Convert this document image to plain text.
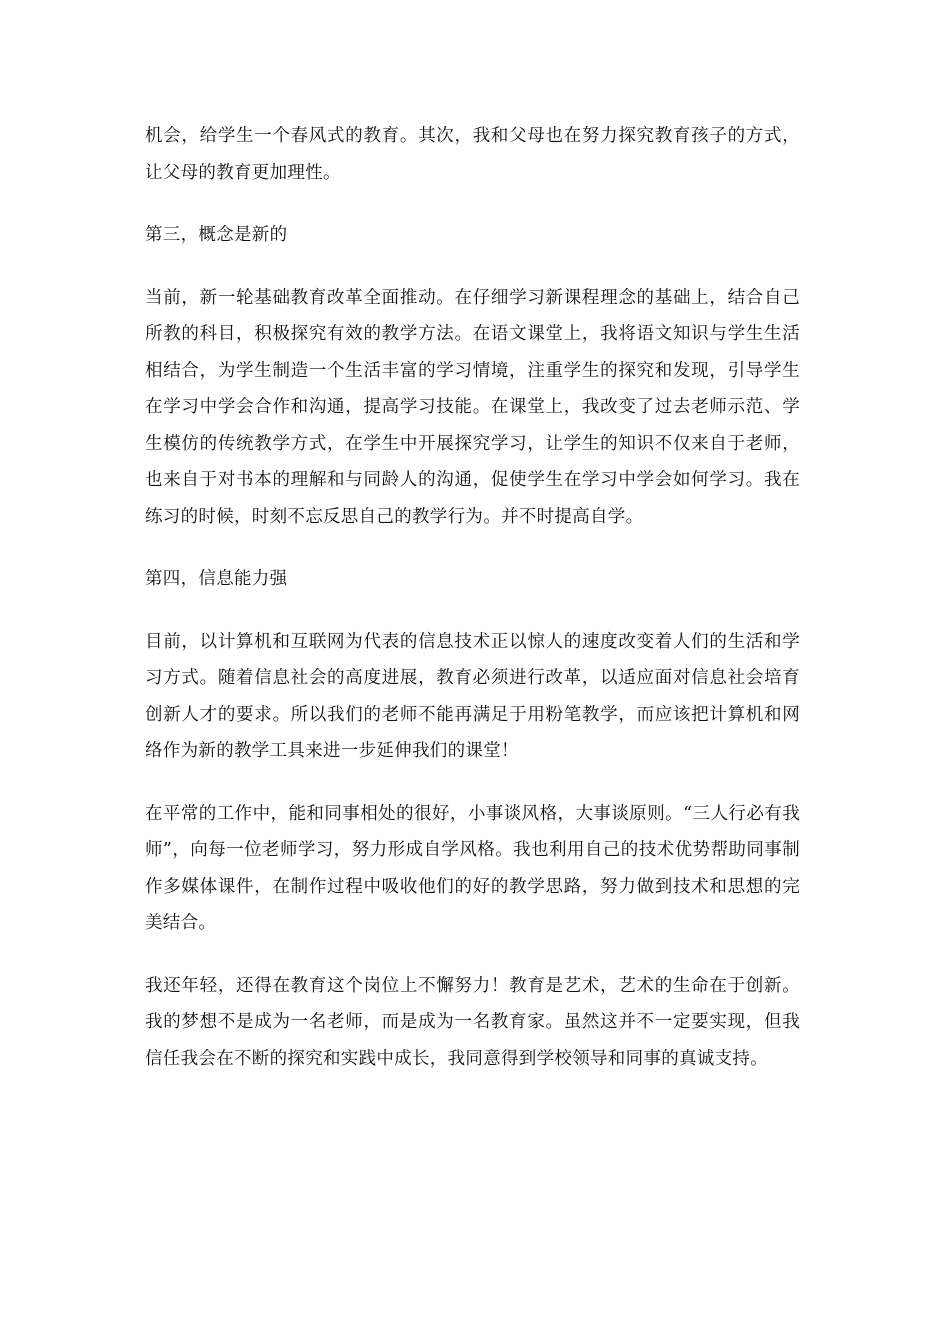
机会，给学生一个春风式的教育。其次，我和父母也在努力探究教育孩子的方式，让父母的教育更加理性。

第三，概念是新的

当前，新一轮基础教育改革全面推动。在仔细学习新课程理念的基础上，结合自己所教的科目，积极探究有效的教学方法。在语文课堂上，我将语文知识与学生生活相结合，为学生制造一个生活丰富的学习情境，注重学生的探究和发现，引导学生在学习中学会合作和沟通，提高学习技能。在课堂上，我改变了过去老师示范、学生模仿的传统教学方式，在学生中开展探究学习，让学生的知识不仅来自于老师，也来自于对书本的理解和与同龄人的沟通，促使学生在学习中学会如何学习。我在练习的时候，时刻不忘反思自己的教学行为。并不时提高自学。

第四，信息能力强

目前，以计算机和互联网为代表的信息技术正以惊人的速度改变着人们的生活和学习方式。随着信息社会的高度进展，教育必须进行改革，以适应面对信息社会培育创新人才的要求。所以我们的老师不能再满足于用粉笔教学，而应该把计算机和网络作为新的教学工具来进一步延伸我们的课堂！

在平常的工作中，能和同事相处的很好，小事谈风格，大事谈原则。“三人行必有我师”，向每一位老师学习，努力形成自学风格。我也利用自己的技术优势帮助同事制作多媒体课件，在制作过程中吸收他们的好的教学思路，努力做到技术和思想的完美结合。

我还年轻，还得在教育这个岗位上不懈努力！教育是艺术，艺术的生命在于创新。我的梦想不是成为一名老师，而是成为一名教育家。虽然这并不一定要实现，但我信任我会在不断的探究和实践中成长，我同意得到学校领导和同事的真诚支持。
